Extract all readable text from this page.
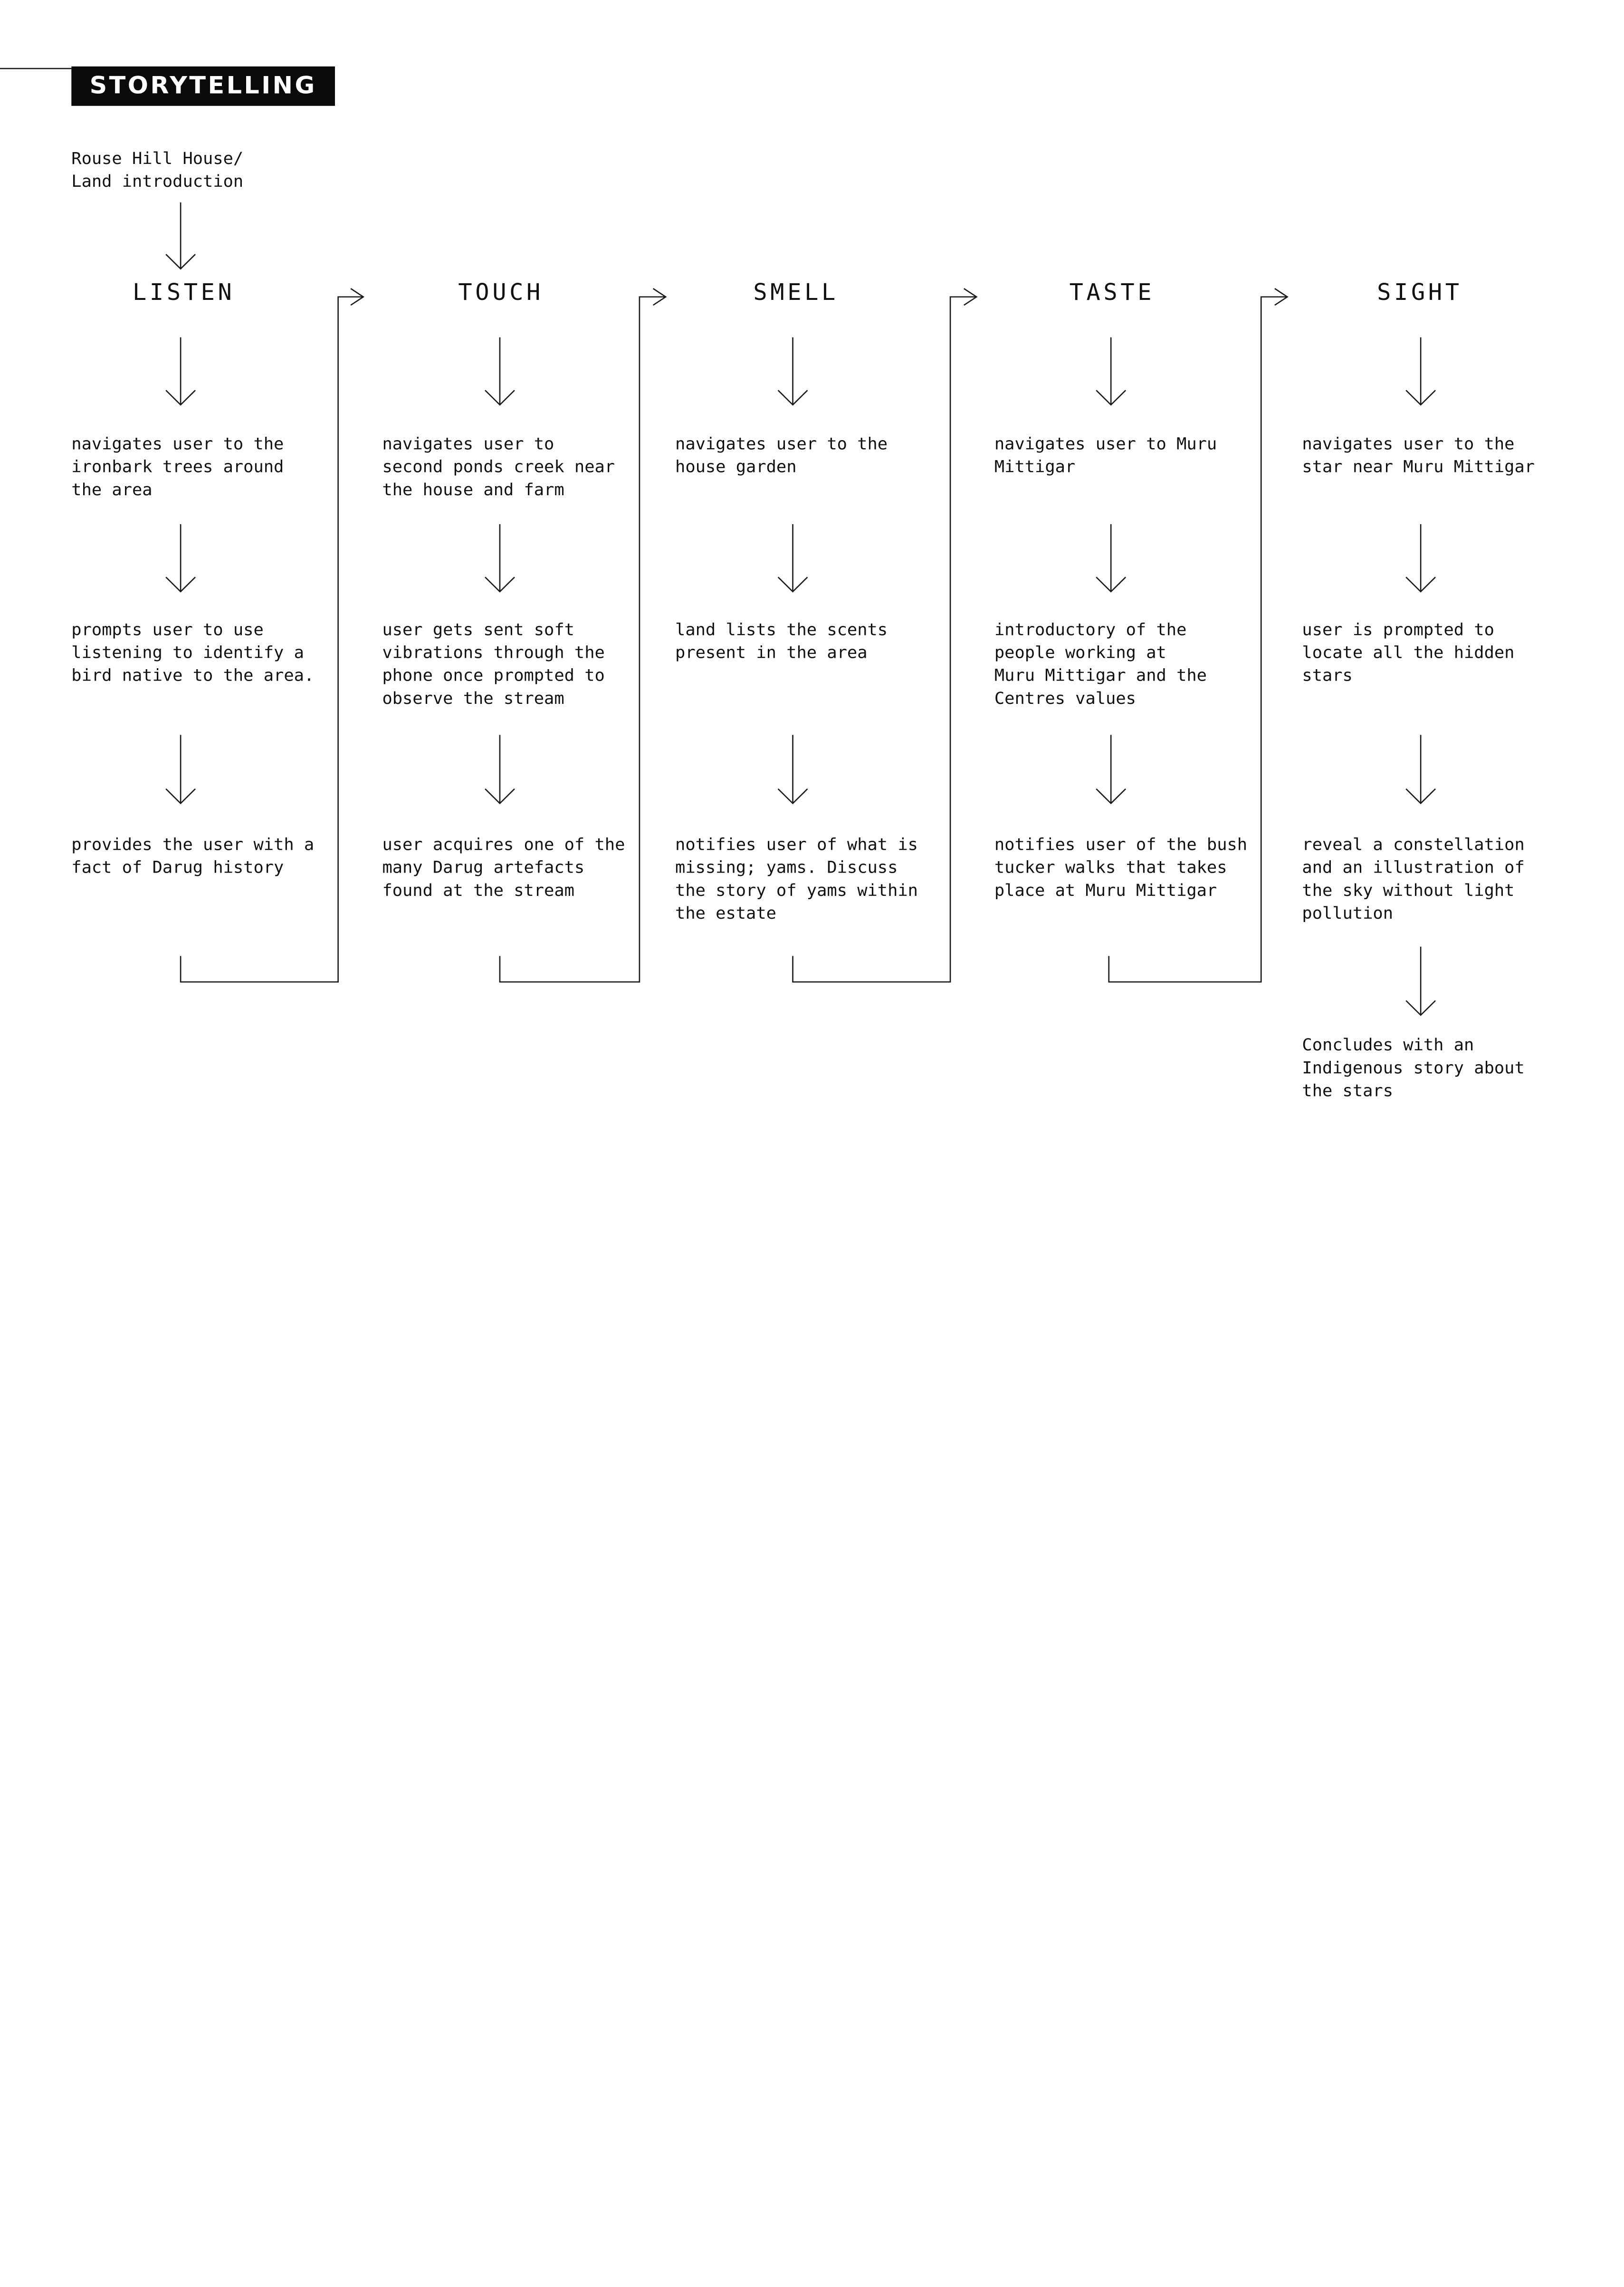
STORYTELLING
Rouse Hill House/
Land introduction
LISTEN
navigates user to the
ironbark trees around
the area
prompts user to use
listening to identify a
bird native to the area.
provides the user with a
fact of Darug history
TOUCH
navigates user to
second ponds creek near
the house and farm
user gets sent soft
vibrations through the
phone once prompted to
observe the stream
user acquires one of the
many Darug artefacts
found at the stream
SMELL
navigates user to the
house garden
land lists the scents
present in the area
notifies user of what is
missing; yams. Discuss
the story of yams within
the estate
TASTE
navigates user to Muru
Mittigar
introductory of the
people working at
Muru Mittigar and the
Centres values
notifies user of the bush
tucker walks that takes
place at Muru Mittigar
SIGHT
navigates user to the
star near Muru Mittigar
user is prompted to
locate all the hidden
stars
reveal a constellation
and an illustration of
the sky without light
pollution
Concludes with an
Indigenous story about
the stars
